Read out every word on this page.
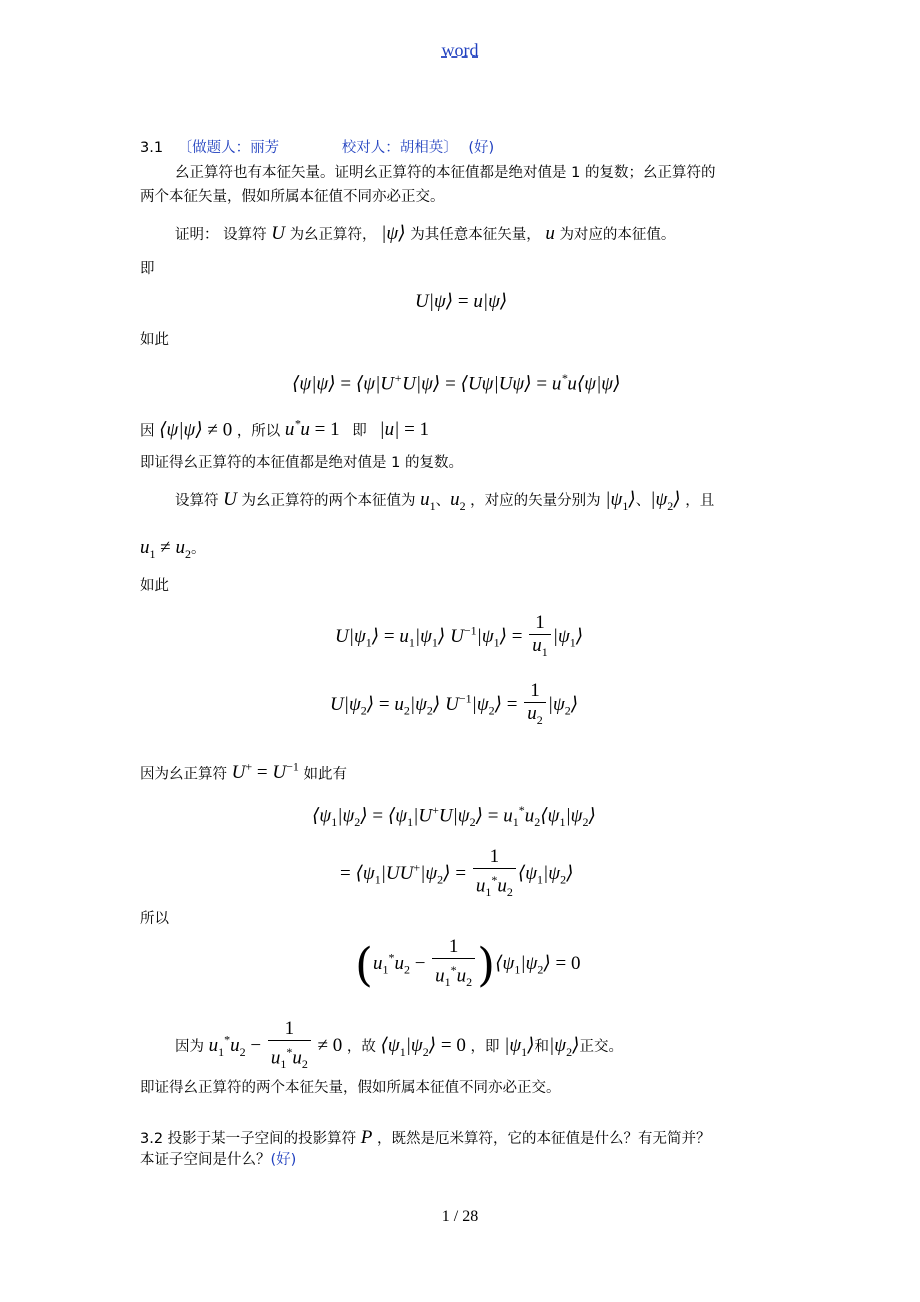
word
3.1 〔做题人：丽芳	校对人：胡相英〕 (好)
幺正算符也有本征矢量。证明幺正算符的本征值都是绝对值是 1 的复数；幺正算符的
两个本征矢量，假如所属本征值不同亦必正交。
证明： 设算符 U 为幺正算符， |ψ⟩ 为其任意本征矢量， u 为对应的本征值。
即
U|ψ⟩ = u|ψ⟩
如此
⟨ψ|ψ⟩ = ⟨ψ|U+U|ψ⟩ = ⟨Uψ|Uψ⟩ = u*u⟨ψ|ψ⟩
因 ⟨ψ|ψ⟩ ≠ 0 ，所以 u*u = 1 即 |u| = 1
即证得幺正算符的本征值都是绝对值是 1 的复数。
设算符 U 为幺正算符的两个本征值为 $u_1$、$u_2$ ，对应的矢量分别为 $|\psi_1⟩$、$|\psi_2⟩$ ，且
$u_1 \ne u_2$。
如此
$U|\psi_1⟩$ = $u_1|\psi_1⟩$ $U^{-1}|\psi_1⟩ = \frac{1}{u_1}$ $|\psi_1⟩$
$U|\psi_2⟩$ = $u_2|\psi_2⟩$ $U^{-1}|\psi_2⟩ = \frac{1}{u_2}$ $|\psi_2⟩$
因为幺正算符 $U^+ = U^{-1}$ 如此有
$⟨\psi_1|\psi_2⟩$ = $⟨\psi_1|U^+U|\psi_2⟩$ = $u_1^*u_2⟨\psi_1|\psi_2⟩$
= $⟨\psi_1|UU^+|\psi_2⟩ = \frac{1}{u_1^*u_2}$ $⟨\psi_1|\psi_2⟩$
所以
($u_1^*u_2 - \frac{1}{u_1^*u_2}$ )$⟨\psi_1|\psi_2⟩ = 0$
因为 $u_1^*u_2 - \frac{1}{u_1^*u_2} \ne 0$ ，故 $⟨\psi_1|\psi_2⟩ = 0$ ，即 $|\psi_1⟩$和$|\psi_2⟩$正交。
即证得幺正算符的两个本征矢量，假如所属本征值不同亦必正交。
3.2 投影于某一子空间的投影算符 P ，既然是厄米算符，它的本征值是什么？有无简并？
本证子空间是什么？(好)
1 / 28
